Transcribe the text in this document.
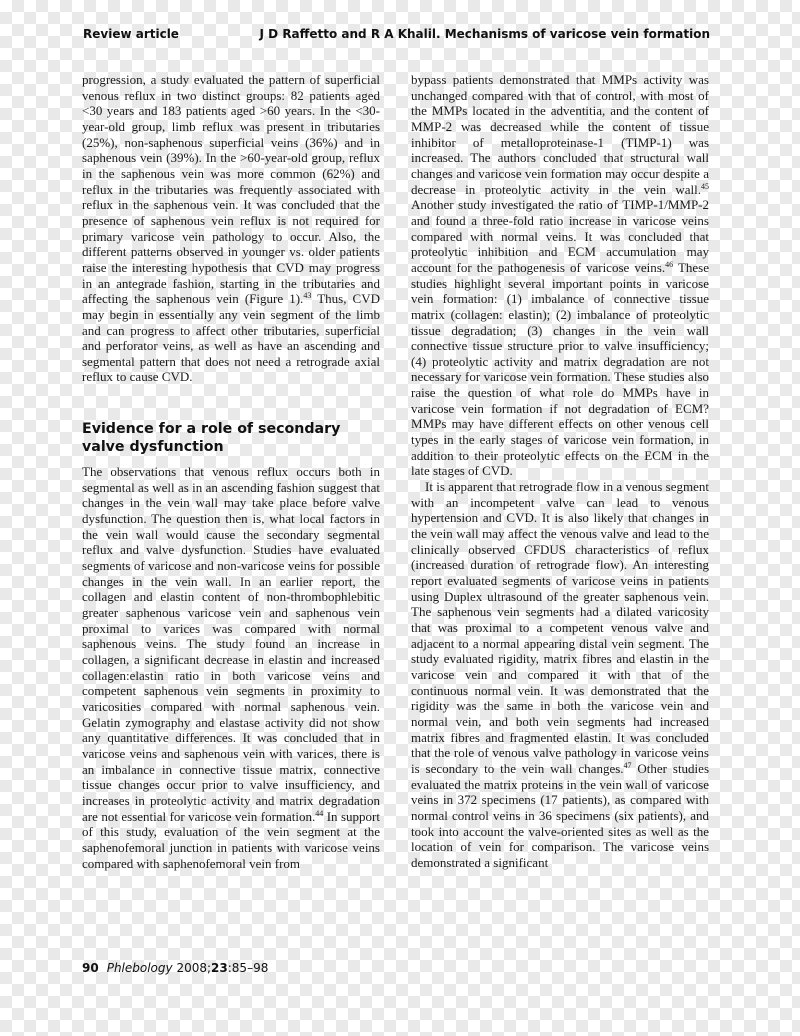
Review article	J D Raffetto and R A Khalil. Mechanisms of varicose vein formation

progression, a study evaluated the pattern of superficial venous reflux in two distinct groups: 82 patients aged <30 years and 183 patients aged >60 years. In the <30-year-old group, limb reflux was present in tributaries (25%), non-saphenous superficial veins (36%) and in saphenous vein (39%). In the >60-year-old group, reflux in the saphenous vein was more common (62%) and reflux in the tributaries was frequently associated with reflux in the saphenous vein. It was concluded that the presence of saphenous vein reflux is not required for primary varicose vein pathology to occur. Also, the different patterns observed in younger vs. older patients raise the interesting hypothesis that CVD may progress in an antegrade fashion, starting in the tributaries and affecting the saphenous vein (Figure 1).$^{43}$ Thus, CVD may begin in essentially any vein segment of the limb and can progress to affect other tributaries, superficial and perforator veins, as well as have an ascending and segmental pattern that does not need a retrograde axial reflux to cause CVD.

Evidence for a role of secondary valve dysfunction

The observations that venous reflux occurs both in segmental as well as in an ascending fashion suggest that changes in the vein wall may take place before valve dysfunction. The question then is, what local factors in the vein wall would cause the secondary segmental reflux and valve dysfunction. Studies have evaluated segments of varicose and non-varicose veins for possible changes in the vein wall. In an earlier report, the collagen and elastin content of non-thrombophlebitic greater saphenous varicose vein and saphenous vein proximal to varices was compared with normal saphenous veins. The study found an increase in collagen, a significant decrease in elastin and increased collagen:elastin ratio in both varicose veins and competent saphenous vein segments in proximity to varicosities compared with normal saphenous vein. Gelatin zymography and elastase activity did not show any quantitative differences. It was concluded that in varicose veins and saphenous vein with varices, there is an imbalance in connective tissue matrix, connective tissue changes occur prior to valve insufficiency, and increases in proteolytic activity and matrix degradation are not essential for varicose vein formation.$^{44}$ In support of this study, evaluation of the vein segment at the saphenofemoral junction in patients with varicose veins compared with saphenofemoral vein from

bypass patients demonstrated that MMPs activity was unchanged compared with that of control, with most of the MMPs located in the adventitia, and the content of MMP-2 was decreased while the content of tissue inhibitor of metalloproteinase-1 (TIMP-1) was increased. The authors concluded that structural wall changes and varicose vein formation may occur despite a decrease in proteolytic activity in the vein wall.$^{45}$ Another study investigated the ratio of TIMP-1/MMP-2 and found a three-fold ratio increase in varicose veins compared with normal veins. It was concluded that proteolytic inhibition and ECM accumulation may account for the pathogenesis of varicose veins.$^{46}$ These studies highlight several important points in varicose vein formation: (1) imbalance of connective tissue matrix (collagen: elastin); (2) imbalance of proteolytic tissue degradation; (3) changes in the vein wall connective tissue structure prior to valve insufficiency; (4) proteolytic activity and matrix degradation are not necessary for varicose vein formation. These studies also raise the question of what role do MMPs have in varicose vein formation if not degradation of ECM? MMPs may have different effects on other venous cell types in the early stages of varicose vein formation, in addition to their proteolytic effects on the ECM in the late stages of CVD.

It is apparent that retrograde flow in a venous segment with an incompetent valve can lead to venous hypertension and CVD. It is also likely that changes in the vein wall may affect the venous valve and lead to the clinically observed CFDUS characteristics of reflux (increased duration of retrograde flow). An interesting report evaluated segments of varicose veins in patients using Duplex ultrasound of the greater saphenous vein. The saphenous vein segments had a dilated varicosity that was proximal to a competent venous valve and adjacent to a normal appearing distal vein segment. The study evaluated rigidity, matrix fibres and elastin in the varicose vein and compared it with that of the continuous normal vein. It was demonstrated that the rigidity was the same in both the varicose vein and normal vein, and both vein segments had increased matrix fibres and fragmented elastin. It was concluded that the role of venous valve pathology in varicose veins is secondary to the vein wall changes.$^{47}$ Other studies evaluated the matrix proteins in the vein wall of varicose veins in 372 specimens (17 patients), as compared with normal control veins in 36 specimens (six patients), and took into account the valve-oriented sites as well as the location of vein for comparison. The varicose veins demonstrated a significant

90 Phlebology 2008;23:85–98
